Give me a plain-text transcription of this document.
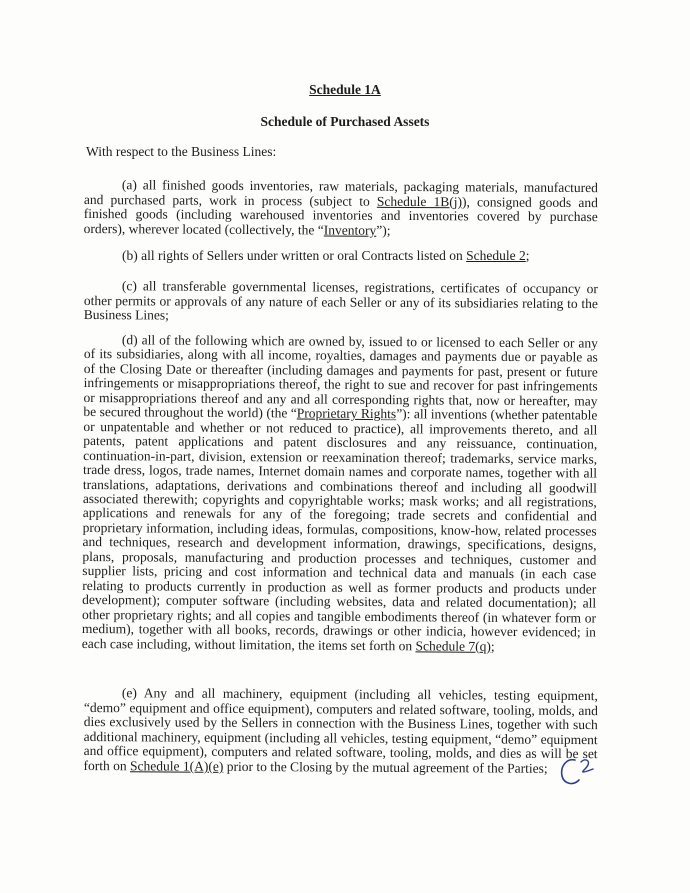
Schedule 1A

Schedule of Purchased Assets

With respect to the Business Lines:

(a) all finished goods inventories, raw materials, packaging materials, manufactured and purchased parts, work in process (subject to Schedule 1B(j)), consigned goods and finished goods (including warehoused inventories and inventories covered by purchase orders), wherever located (collectively, the “Inventory”);

(b) all rights of Sellers under written or oral Contracts listed on Schedule 2;

(c) all transferable governmental licenses, registrations, certificates of occupancy or other permits or approvals of any nature of each Seller or any of its subsidiaries relating to the Business Lines;

(d) all of the following which are owned by, issued to or licensed to each Seller or any of its subsidiaries, along with all income, royalties, damages and payments due or payable as of the Closing Date or thereafter (including damages and payments for past, present or future infringements or misappropriations thereof, the right to sue and recover for past infringements or misappropriations thereof and any and all corresponding rights that, now or hereafter, may be secured throughout the world) (the “Proprietary Rights”): all inventions (whether patentable or unpatentable and whether or not reduced to practice), all improvements thereto, and all patents, patent applications and patent disclosures and any reissuance, continuation, continuation-in-part, division, extension or reexamination thereof; trademarks, service marks, trade dress, logos, trade names, Internet domain names and corporate names, together with all translations, adaptations, derivations and combinations thereof and including all goodwill associated therewith; copyrights and copyrightable works; mask works; and all registrations, applications and renewals for any of the foregoing; trade secrets and confidential and proprietary information, including ideas, formulas, compositions, know-how, related processes and techniques, research and development information, drawings, specifications, designs, plans, proposals, manufacturing and production processes and techniques, customer and supplier lists, pricing and cost information and technical data and manuals (in each case relating to products currently in production as well as former products and products under development); computer software (including websites, data and related documentation); all other proprietary rights; and all copies and tangible embodiments thereof (in whatever form or medium), together with all books, records, drawings or other indicia, however evidenced; in each case including, without limitation, the items set forth on Schedule 7(q);

(e) Any and all machinery, equipment (including all vehicles, testing equipment, “demo” equipment and office equipment), computers and related software, tooling, molds, and dies exclusively used by the Sellers in connection with the Business Lines, together with such additional machinery, equipment (including all vehicles, testing equipment, “demo” equipment and office equipment), computers and related software, tooling, molds, and dies as will be set forth on Schedule 1(A)(e) prior to the Closing by the mutual agreement of the Parties;
